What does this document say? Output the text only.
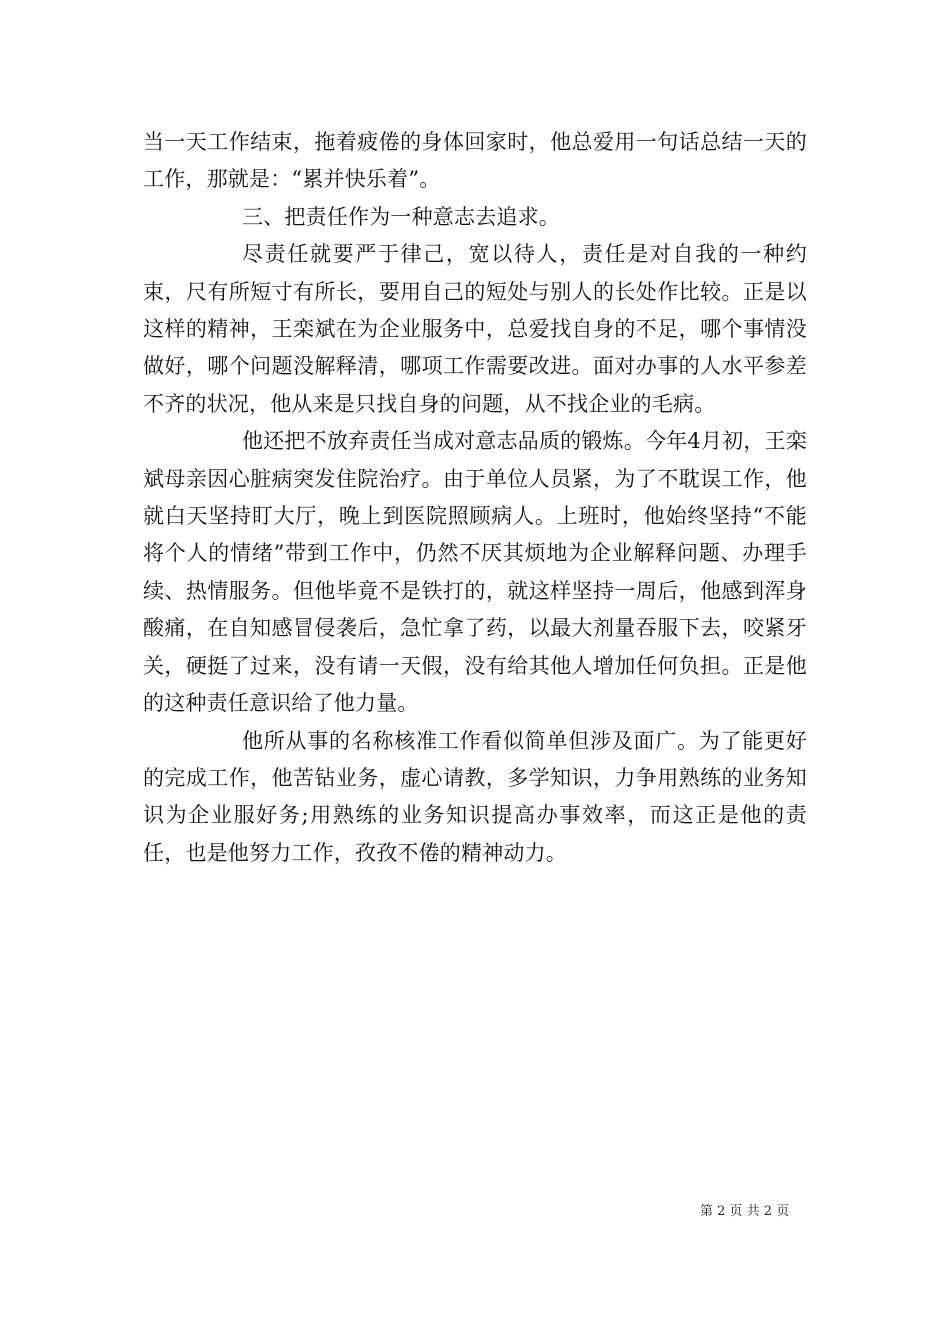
当一天工作结束，拖着疲倦的身体回家时，他总爱用一句话总结一天的工作，那就是：“累并快乐着”。

三、把责任作为一种意志去追求。

尽责任就要严于律己，宽以待人，责任是对自我的一种约束，尺有所短寸有所长，要用自己的短处与别人的长处作比较。正是以这样的精神，王栾斌在为企业服务中，总爱找自身的不足，哪个事情没做好，哪个问题没解释清，哪项工作需要改进。面对办事的人水平参差不齐的状况，他从来是只找自身的问题，从不找企业的毛病。

他还把不放弃责任当成对意志品质的锻炼。今年4月初，王栾斌母亲因心脏病突发住院治疗。由于单位人员紧，为了不耽误工作，他就白天坚持盯大厅，晚上到医院照顾病人。上班时，他始终坚持“不能将个人的情绪”带到工作中，仍然不厌其烦地为企业解释问题、办理手续、热情服务。但他毕竟不是铁打的，就这样坚持一周后，他感到浑身酸痛，在自知感冒侵袭后，急忙拿了药，以最大剂量吞服下去，咬紧牙关，硬挺了过来，没有请一天假，没有给其他人增加任何负担。正是他的这种责任意识给了他力量。

他所从事的名称核准工作看似简单但涉及面广。为了能更好的完成工作，他苦钻业务，虚心请教，多学知识，力争用熟练的业务知识为企业服好务;用熟练的业务知识提高办事效率，而这正是他的责任，也是他努力工作，孜孜不倦的精神动力。

第 2 页 共 2 页
